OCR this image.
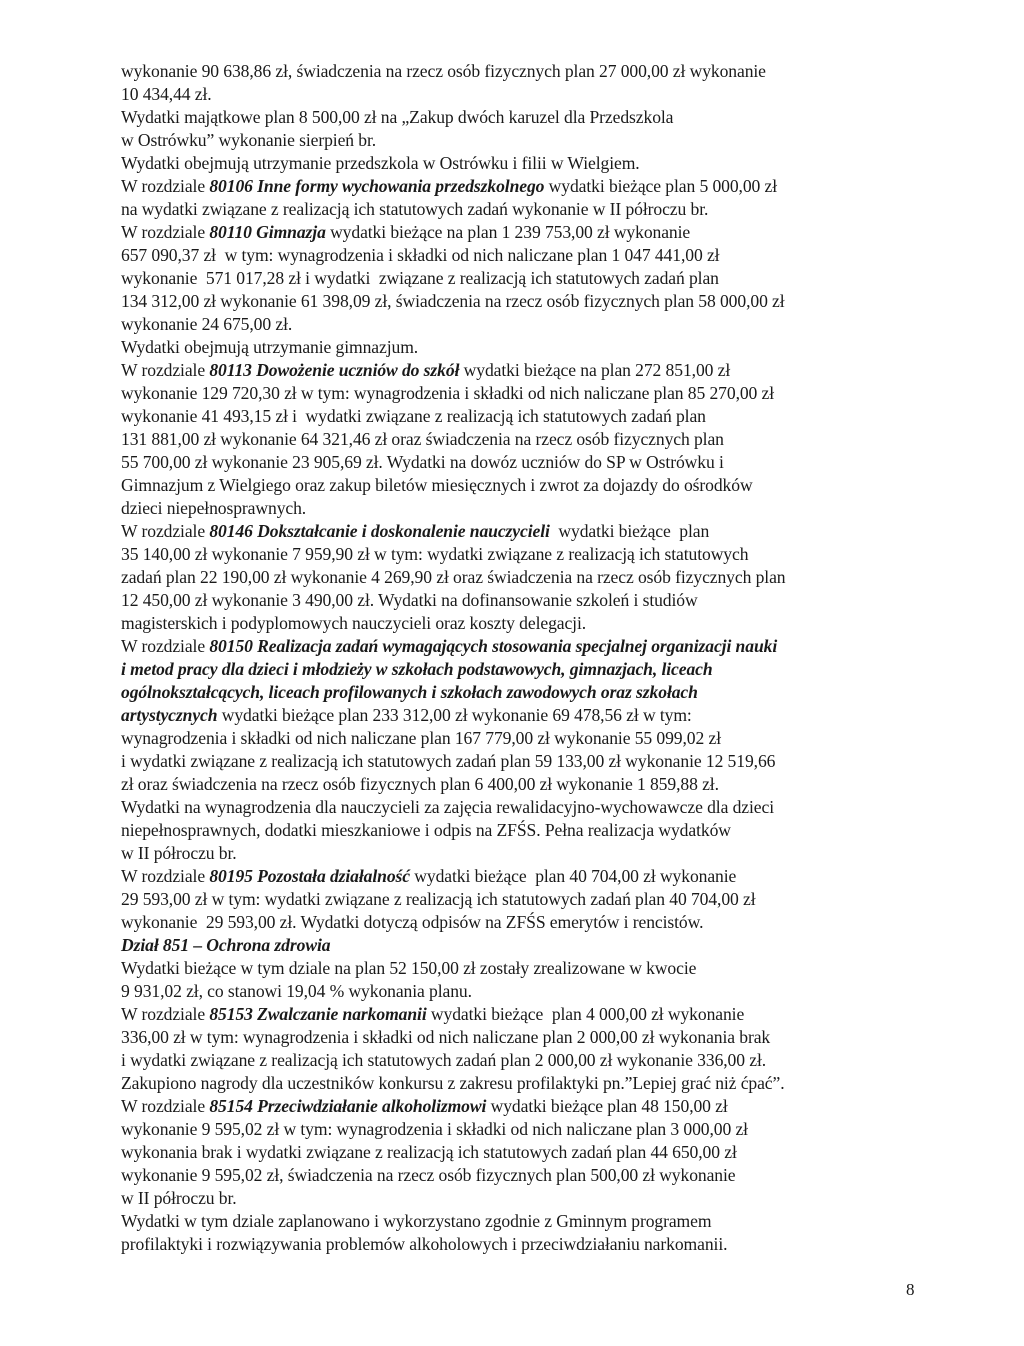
wykonanie 90 638,86 zł, świadczenia na rzecz osób fizycznych plan 27 000,00 zł wykonanie
10 434,44 zł.
Wydatki majątkowe plan 8 500,00 zł na „Zakup dwóch karuzel dla Przedszkola
w Ostrówku” wykonanie sierpień br.
Wydatki obejmują utrzymanie przedszkola w Ostrówku i filii w Wielgiem.
W rozdziale 80106 Inne formy wychowania przedszkolnego wydatki bieżące plan 5 000,00 zł
na wydatki związane z realizacją ich statutowych zadań wykonanie w II półroczu br.
W rozdziale 80110 Gimnazja wydatki bieżące na plan 1 239 753,00 zł wykonanie
657 090,37 zł  w tym: wynagrodzenia i składki od nich naliczane plan 1 047 441,00 zł
wykonanie  571 017,28 zł i wydatki  związane z realizacją ich statutowych zadań plan
134 312,00 zł wykonanie 61 398,09 zł, świadczenia na rzecz osób fizycznych plan 58 000,00 zł
wykonanie 24 675,00 zł.
Wydatki obejmują utrzymanie gimnazjum.
W rozdziale 80113 Dowożenie uczniów do szkół wydatki bieżące na plan 272 851,00 zł
wykonanie 129 720,30 zł w tym: wynagrodzenia i składki od nich naliczane plan 85 270,00 zł
wykonanie 41 493,15 zł i  wydatki związane z realizacją ich statutowych zadań plan
131 881,00 zł wykonanie 64 321,46 zł oraz świadczenia na rzecz osób fizycznych plan
55 700,00 zł wykonanie 23 905,69 zł. Wydatki na dowóz uczniów do SP w Ostrówku i
Gimnazjum z Wielgiego oraz zakup biletów miesięcznych i zwrot za dojazdy do ośrodków
dzieci niepełnosprawnych.
W rozdziale 80146 Dokształcanie i doskonalenie nauczycieli  wydatki bieżące  plan
35 140,00 zł wykonanie 7 959,90 zł w tym: wydatki związane z realizacją ich statutowych
zadań plan 22 190,00 zł wykonanie 4 269,90 zł oraz świadczenia na rzecz osób fizycznych plan
12 450,00 zł wykonanie 3 490,00 zł. Wydatki na dofinansowanie szkoleń i studiów
magisterskich i podyplomowych nauczycieli oraz koszty delegacji.
W rozdziale 80150 Realizacja zadań wymagających stosowania specjalnej organizacji nauki
i metod pracy dla dzieci i młodzieży w szkołach podstawowych, gimnazjach, liceach
ogólnokształcących, liceach profilowanych i szkołach zawodowych oraz szkołach
artystycznych wydatki bieżące plan 233 312,00 zł wykonanie 69 478,56 zł w tym:
wynagrodzenia i składki od nich naliczane plan 167 779,00 zł wykonanie 55 099,02 zł
i wydatki związane z realizacją ich statutowych zadań plan 59 133,00 zł wykonanie 12 519,66
zł oraz świadczenia na rzecz osób fizycznych plan 6 400,00 zł wykonanie 1 859,88 zł.
Wydatki na wynagrodzenia dla nauczycieli za zajęcia rewalidacyjno-wychowawcze dla dzieci
niepełnosprawnych, dodatki mieszkaniowe i odpis na ZFŚS. Pełna realizacja wydatków
w II półroczu br.
W rozdziale 80195 Pozostała działalność wydatki bieżące  plan 40 704,00 zł wykonanie
29 593,00 zł w tym: wydatki związane z realizacją ich statutowych zadań plan 40 704,00 zł
wykonanie  29 593,00 zł. Wydatki dotyczą odpisów na ZFŚS emerytów i rencistów.
Dział 851 – Ochrona zdrowia
Wydatki bieżące w tym dziale na plan 52 150,00 zł zostały zrealizowane w kwocie
9 931,02 zł, co stanowi 19,04 % wykonania planu.
W rozdziale 85153 Zwalczanie narkomanii wydatki bieżące  plan 4 000,00 zł wykonanie
336,00 zł w tym: wynagrodzenia i składki od nich naliczane plan 2 000,00 zł wykonania brak
i wydatki związane z realizacją ich statutowych zadań plan 2 000,00 zł wykonanie 336,00 zł.
Zakupiono nagrody dla uczestników konkursu z zakresu profilaktyki pn.”Lepiej grać niż ćpać”.
W rozdziale 85154 Przeciwdziałanie alkoholizmowi wydatki bieżące plan 48 150,00 zł
wykonanie 9 595,02 zł w tym: wynagrodzenia i składki od nich naliczane plan 3 000,00 zł
wykonania brak i wydatki związane z realizacją ich statutowych zadań plan 44 650,00 zł
wykonanie 9 595,02 zł, świadczenia na rzecz osób fizycznych plan 500,00 zł wykonanie
w II półroczu br.
Wydatki w tym dziale zaplanowano i wykorzystano zgodnie z Gminnym programem
profilaktyki i rozwiązywania problemów alkoholowych i przeciwdziałaniu narkomanii.
8
